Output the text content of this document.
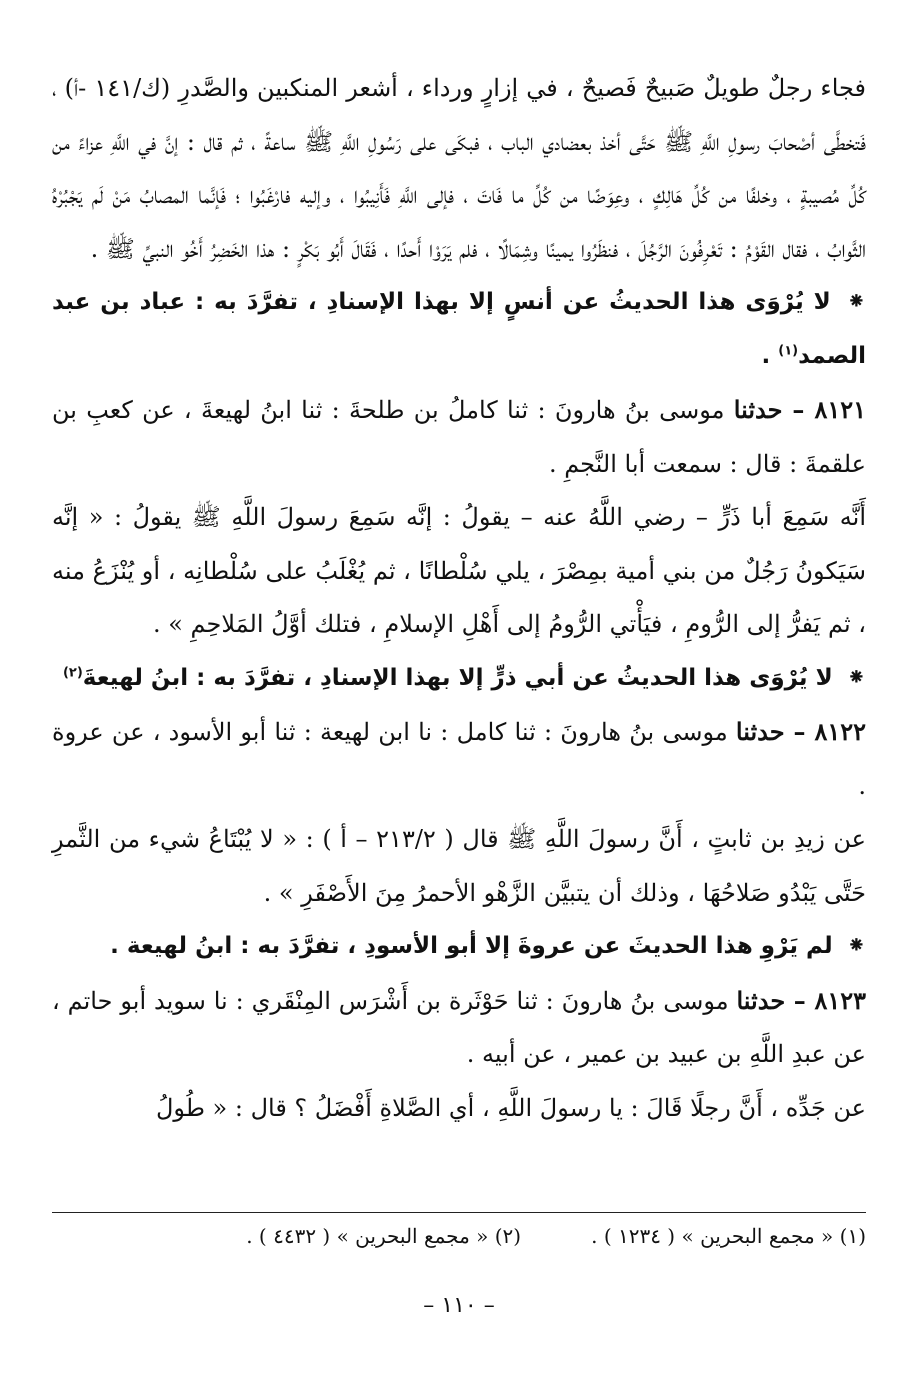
فجاء رجلٌ طويلٌ صَبيحٌ فَصيحٌ ، في إزارٍ ورداء ، أشعر المنكبين والصَّدرِ (ك/١٤١ -أ) ، فَتخطَّى أصْحابَ رسولِ اللَّهِ ﷺ حَتَّى أخذ بعضادي الباب ، فبكَى على رَسُولِ اللَّهِ ﷺ ساعةً ، ثم قال : إنَّ في اللَّهِ عزاءً من كُلِّ مُصيبةٍ ، وخلفًا من كُلِّ هَالِكٍ ، وعِوَضًا من كُلِّ ما فَاتَ ، فإلى اللَّهِ فَأَنِيبُوا ، وإليه فارْغَبُوا ؛ فَإنَّما المصابُ مَنْ لَم يَجْبُرْهُ الثَّوابُ ، فقال القَوْمُ : تَعْرِفُونَ الرَّجُلَ ، فنظَرُوا يمينًا وشِمَالًا ، فلم يَرَوْا أَحدًا ، فَقَالَ أَبُو بَكْرٍ : هذا الخَضِرُ أَخُو النبيِّ ﷺ .

⁕ لا يُرْوَى هذا الحديثُ عن أنسٍ إلا بهذا الإسنادِ ، تفرَّدَ به : عباد بن عبد الصمد$^{(١)}$ .

٨١٢١ – حدثنا موسى بنُ هارونَ : ثنا كاملُ بن طلحةَ : ثنا ابنُ لهيعةَ ، عن كعبِ بن علقمةَ : قال : سمعت أبا النَّجمِ .

أَنَّه سَمِعَ أبا ذَرٍّ – رضي اللَّهُ عنه – يقولُ : إنَّه سَمِعَ رسولَ اللَّهِ ﷺ يقولُ : « إنَّه سَيَكونُ رَجُلٌ من بني أمية بمِصْرَ ، يلي سُلْطانًا ، ثم يُغْلَبُ على سُلْطانِه ، أو يُنْزَعُ منه ، ثم يَفرُّ إلى الرُّومِ ، فيَأْتي الرُّومُ إلى أَهْلِ الإسلامِ ، فتلك أوَّلُ المَلاحِمِ » .

⁕ لا يُرْوَى هذا الحديثُ عن أبي ذرٍّ إلا بهذا الإسنادِ ، تفرَّدَ به : ابنُ لهيعةَ$^{(٢)}$

٨١٢٢ – حدثنا موسى بنُ هارونَ : ثنا كامل : نا ابن لهيعة : ثنا أبو الأسود ، عن عروة .

عن زيدِ بن ثابتٍ ، أَنَّ رسولَ اللَّهِ ﷺ قال ( ٢١٣/٢ – أ ) : « لا يُبْتَاعُ شيء من الثَّمرِ حَتَّى يَبْدُو صَلاحُهَا ، وذلك أن يتبيَّن الزَّهْو الأحمرُ مِنَ الأَصْفَرِ » .

⁕ لم يَرْوِ هذا الحديثَ عن عروةَ إلا أبو الأسودِ ، تفرَّدَ به : ابنُ لهيعة .

٨١٢٣ – حدثنا موسى بنُ هارونَ : ثنا حَوْثَرة بن أَشْرَس المِنْقَري : نا سويد أبو حاتم ، عن عبدِ اللَّهِ بن عبيد بن عمير ، عن أبيه .

عن جَدِّه ، أَنَّ رجلًا قَالَ : يا رسولَ اللَّهِ ، أي الصَّلاةِ أَفْضَلُ ؟ قال : « طُولُ

(١) « مجمع البحرين » ( ١٢٣٤ ) .
(٢) « مجمع البحرين » ( ٤٤٣٢ ) .
– ١١٠ –
